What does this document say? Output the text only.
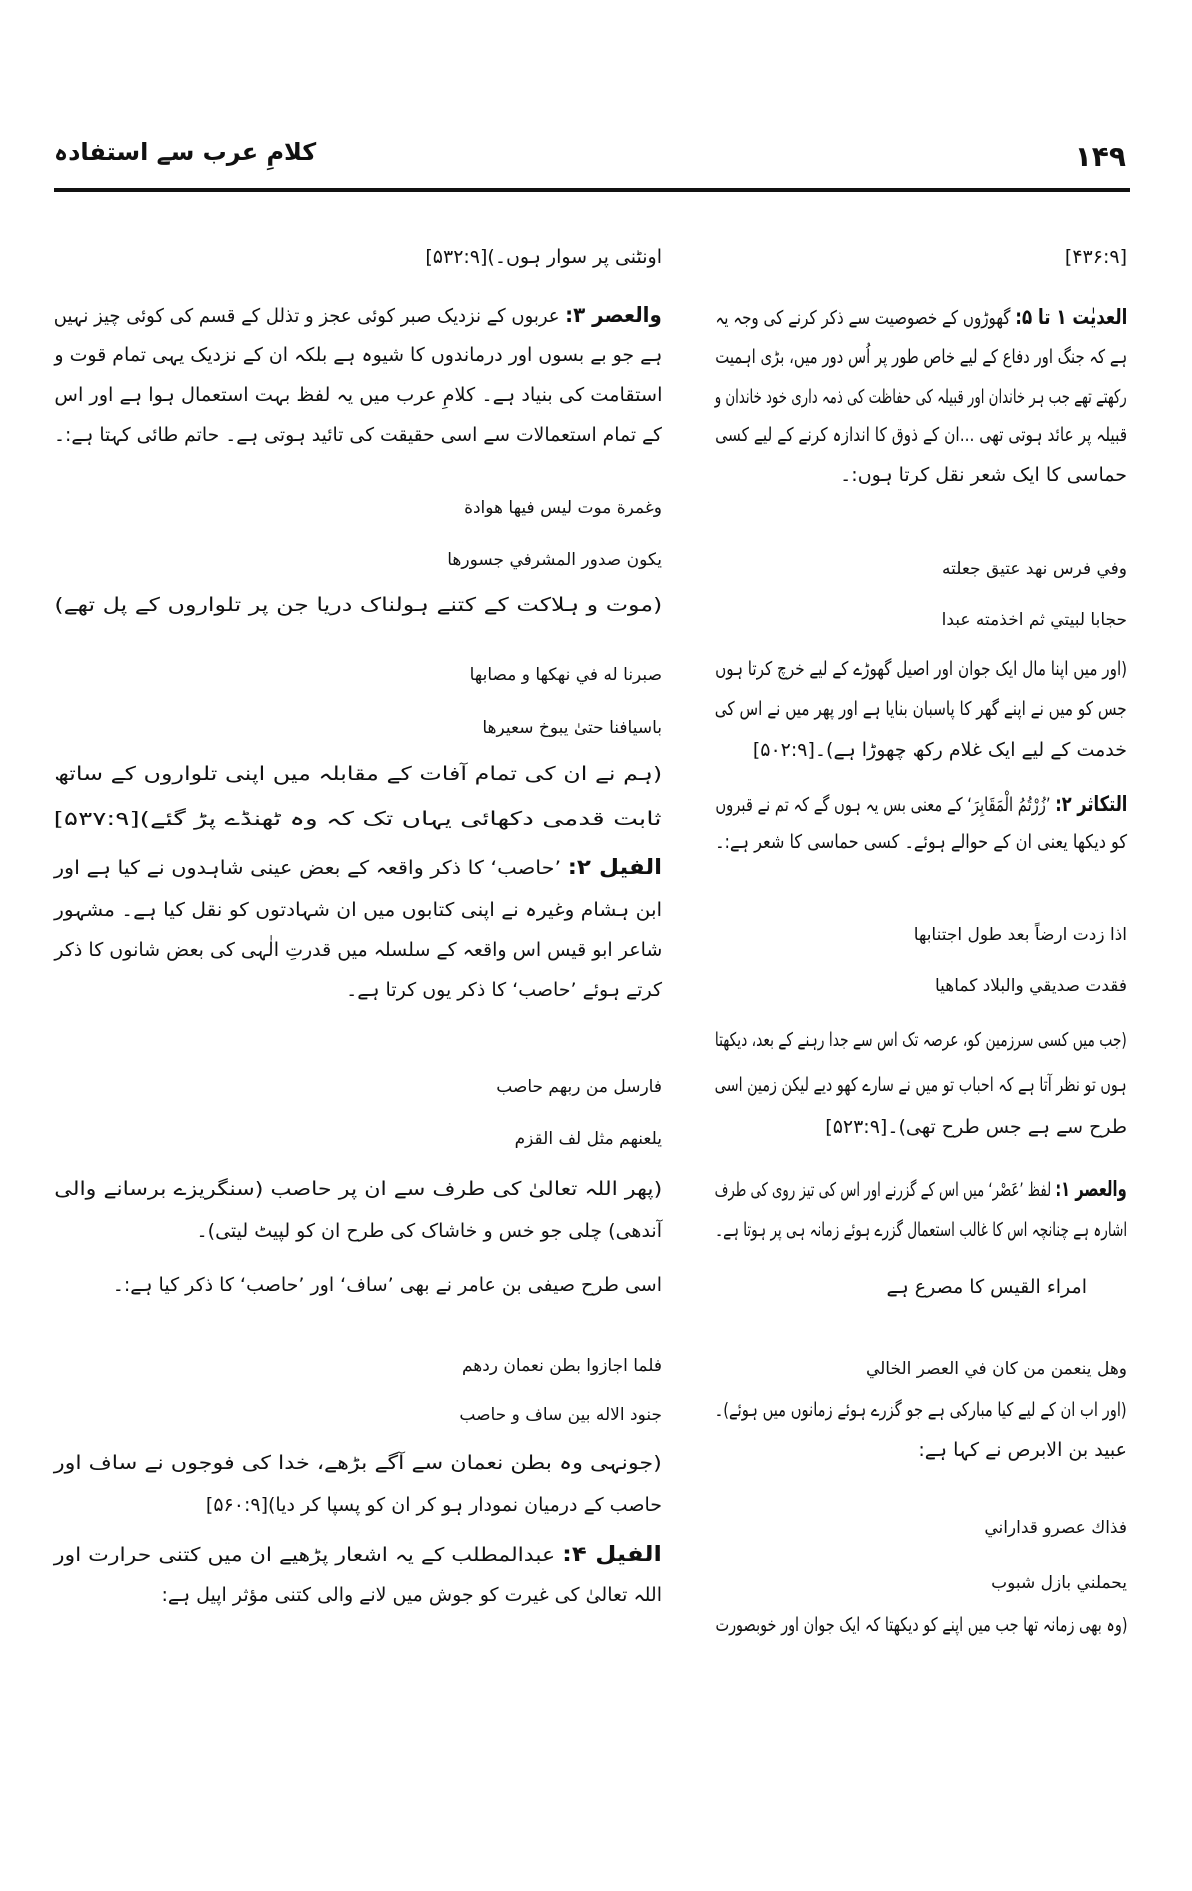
کلامِ عرب سے استفادہ	۱۴۹
[۴۳۶:۹]
العدیٰت ۱ تا ۵: گھوڑوں کے خصوصیت سے ذکر کرنے کی وجہ یہ
ہے کہ جنگ اور دفاع کے لیے خاص طور پر اُس دور میں، بڑی اہمیت
رکھتے تھے جب ہر خاندان اور قبیلہ کی حفاظت کی ذمہ داری خود خاندان و
قبیلہ پر عائد ہوتی تھی ...ان کے ذوق کا اندازہ کرنے کے لیے کسی
حماسی کا ایک شعر نقل کرتا ہوں:۔
وفي فرس نهد عتيق جعلته
حجابا لبيتي ثم اخذمته عبدا
(اور میں اپنا مال ایک جوان اور اصیل گھوڑے کے لیے خرچ کرتا ہوں
جس کو میں نے اپنے گھر کا پاسبان بنایا ہے اور پھر میں نے اس کی
خدمت کے لیے ایک غلام رکھ چھوڑا ہے)۔[۵۰۲:۹]
التکاثر ۲: ’زُرْتُمُ الْمَقَابِرَ‘ کے معنی بس یہ ہوں گے کہ تم نے قبروں
کو دیکھا یعنی ان کے حوالے ہوئے۔ کسی حماسی کا شعر ہے:۔
اذا زدت ارضاً بعد طول اجتنابها
فقدت صديقي والبلاد كماهيا
(جب میں کسی سرزمین کو، عرصہ تک اس سے جدا رہنے کے بعد، دیکھتا
ہوں تو نظر آتا ہے کہ احباب تو میں نے سارے کھو دیے لیکن زمین اسی
طرح سے ہے جس طرح تھی)۔[۵۲۳:۹]
والعصر ۱: لفظ ’عَصْر‘ میں اس کے گزرنے اور اس کی تیز روی کی طرف
اشارہ ہے چنانچہ اس کا غالب استعمال گزرے ہوئے زمانہ ہی پر ہوتا ہے۔
امراء القیس کا مصرع ہے
وهل ينعمن من كان في العصر الخالي
(اور اب ان کے لیے کیا مبارکی ہے جو گزرے ہوئے زمانوں میں ہوئے)۔
عبید بن الابرص نے کہا ہے:
فذاك عصرو قداراني
يحملني بازل شبوب
(وہ بھی زمانہ تھا جب میں اپنے کو دیکھتا کہ ایک جوان اور خوبصورت
اونٹنی پر سوار ہوں۔)[۵۳۲:۹]
والعصر ۳: عربوں کے نزدیک صبر کوئی عجز و تذلل کے قسم کی کوئی چیز نہیں
ہے جو بے بسوں اور درماندوں کا شیوہ ہے بلکہ ان کے نزدیک یہی تمام قوت و
استقامت کی بنیاد ہے۔ کلامِ عرب میں یہ لفظ بہت استعمال ہوا ہے اور اس
کے تمام استعمالات سے اسی حقیقت کی تائید ہوتی ہے۔ حاتم طائی کہتا ہے:۔
وغمرة موت ليس فيها هوادة
يكون صدور المشرفي جسورها
(موت و ہلاکت کے کتنے ہولناک دریا جن پر تلواروں کے پل تھے)
صبرنا له في نهكها و مصابها
باسيافنا حتىٰ يبوخ سعيرها
(ہم نے ان کی تمام آفات کے مقابلہ میں اپنی تلواروں کے ساتھ
ثابت قدمی دکھائی یہاں تک کہ وہ ٹھنڈے پڑ گئے)[۵۳۷:۹]
الفیل ۲: ’حاصب‘ کا ذکر واقعہ کے بعض عینی شاہدوں نے کیا ہے اور
ابن ہشام وغیرہ نے اپنی کتابوں میں ان شہادتوں کو نقل کیا ہے۔ مشہور
شاعر ابو قیس اس واقعہ کے سلسلہ میں قدرتِ الٰہی کی بعض شانوں کا ذکر
کرتے ہوئے ’حاصب‘ کا ذکر یوں کرتا ہے۔
فارسل من ربهم حاصب
يلعنهم مثل لف القزم
(پھر اللہ تعالیٰ کی طرف سے ان پر حاصب (سنگریزے برسانے والی
آندھی) چلی جو خس و خاشاک کی طرح ان کو لپیٹ لیتی)۔
اسی طرح صیفی بن عامر نے بھی ’ساف‘ اور ’حاصب‘ کا ذکر کیا ہے:۔
فلما اجازوا بطن نعمان ردهم
جنود الاله بين ساف و حاصب
(جونہی وہ بطن نعمان سے آگے بڑھے، خدا کی فوجوں نے ساف اور
حاصب کے درمیان نمودار ہو کر ان کو پسپا کر دیا)[۵۶۰:۹]
الفیل ۴: عبدالمطلب کے یہ اشعار پڑھیے ان میں کتنی حرارت اور
اللہ تعالیٰ کی غیرت کو جوش میں لانے والی کتنی مؤثر اپیل ہے:
